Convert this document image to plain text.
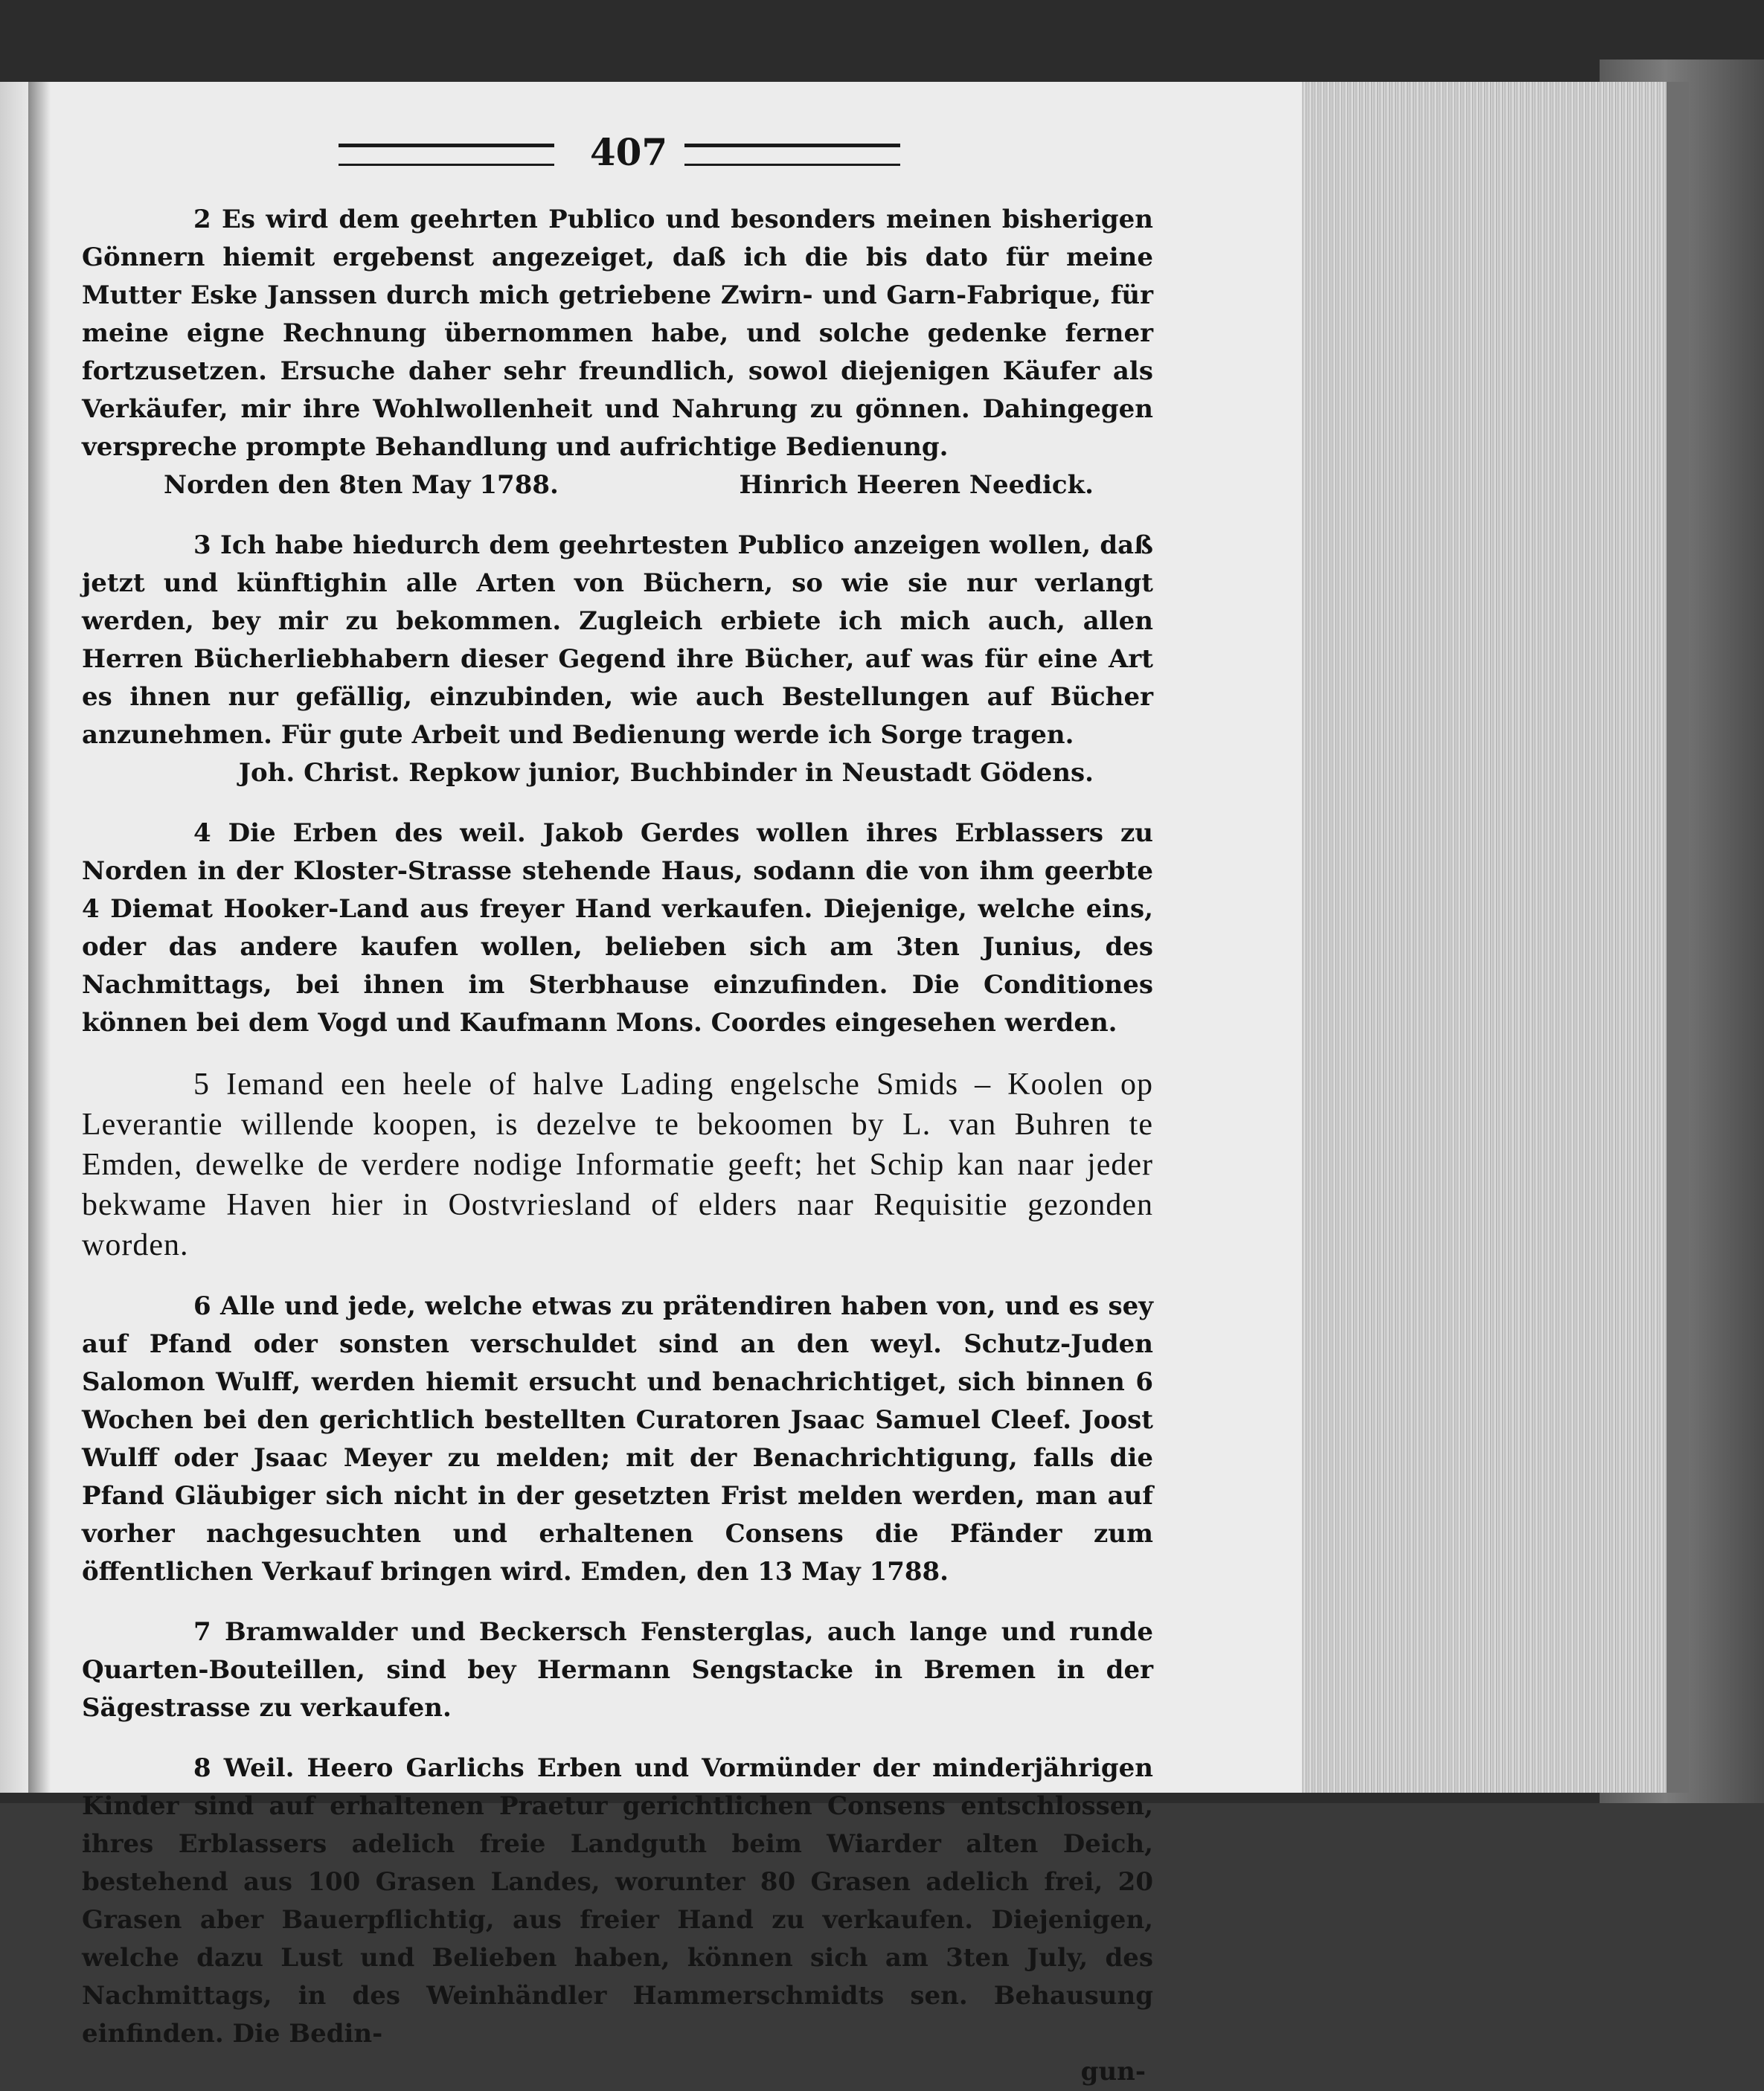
407

2 Es wird dem geehrten Publico und besonders meinen bisherigen Gönnern hiemit ergebenst angezeiget, daß ich die bis dato für meine Mutter Eske Janssen durch mich getriebene Zwirn- und Garn-Fabrique, für meine eigne Rechnung übernommen habe, und solche gedenke ferner fortzusetzen. Ersuche daher sehr freundlich, sowol diejenigen Käufer als Verkäufer, mir ihre Wohlwollenheit und Nahrung zu gönnen. Dahingegen verspreche prompte Behandlung und aufrichtige Bedienung.

Norden den 8ten May 1788.	Hinrich Heeren Needick.

3 Ich habe hiedurch dem geehrtesten Publico anzeigen wollen, daß jetzt und künftighin alle Arten von Büchern, so wie sie nur verlangt werden, bey mir zu bekommen. Zugleich erbiete ich mich auch, allen Herren Bücherliebhabern dieser Gegend ihre Bücher, auf was für eine Art es ihnen nur gefällig, einzubinden, wie auch Bestellungen auf Bücher anzunehmen. Für gute Arbeit und Bedienung werde ich Sorge tragen.

Joh. Christ. Repkow junior, Buchbinder in Neustadt Gödens.

4 Die Erben des weil. Jakob Gerdes wollen ihres Erblassers zu Norden in der Kloster-Strasse stehende Haus, sodann die von ihm geerbte 4 Diemat Hooker-Land aus freyer Hand verkaufen. Diejenige, welche eins, oder das andere kaufen wollen, belieben sich am 3ten Junius, des Nachmittags, bei ihnen im Sterbhause einzufinden. Die Conditiones können bei dem Vogd und Kaufmann Mons. Coordes eingesehen werden.

5 Iemand een heele of halve Lading engelsche Smids – Koolen op Leverantie willende koopen, is dezelve te bekoomen by L. van Buhren te Emden, dewelke de verdere nodige Informatie geeft; het Schip kan naar jeder bekwame Haven hier in Oostvriesland of elders naar Requisitie gezonden worden.

6 Alle und jede, welche etwas zu prätendiren haben von, und es sey auf Pfand oder sonsten verschuldet sind an den weyl. Schutz-Juden Salomon Wulff, werden hiemit ersucht und benachrichtiget, sich binnen 6 Wochen bei den gerichtlich bestellten Curatoren Jsaac Samuel Cleef. Joost Wulff oder Jsaac Meyer zu melden; mit der Benachrichtigung, falls die Pfand Gläubiger sich nicht in der gesetzten Frist melden werden, man auf vorher nachgesuchten und erhaltenen Consens die Pfänder zum öffentlichen Verkauf bringen wird. Emden, den 13 May 1788.

7 Bramwalder und Beckersch Fensterglas, auch lange und runde Quarten-Bouteillen, sind bey Hermann Sengstacke in Bremen in der Sägestrasse zu verkaufen.

8 Weil. Heero Garlichs Erben und Vormünder der minderjährigen Kinder sind auf erhaltenen Praetur gerichtlichen Consens entschlossen, ihres Erblassers adelich freie Landguth beim Wiarder alten Deich, bestehend aus 100 Grasen Landes, worunter 80 Grasen adelich frei, 20 Grasen aber Bauerpflichtig, aus freier Hand zu verkaufen. Diejenigen, welche dazu Lust und Belieben haben, können sich am 3ten July, des Nachmittags, in des Weinhändler Hammerschmidts sen. Behausung einfinden. Die Bedin-

gun-
